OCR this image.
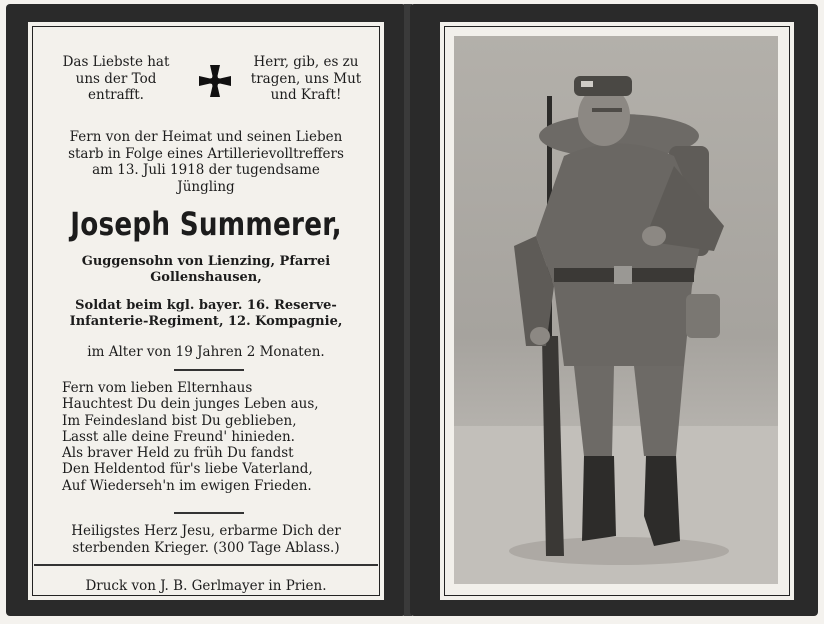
Das Liebste hat
uns der Tod
entrafft.
Herr, gib, es zu
tragen, uns Mut
und Kraft!
Fern von der Heimat und seinen Lieben
starb in Folge eines Artillerievolltreffers
am 13. Juli 1918 der tugendsame
Jüngling
Joseph Summerer,
Guggensohn von Lienzing, Pfarrei
Gollenshausen,
Soldat beim kgl. bayer. 16. Reserve-
Infanterie-Regiment, 12. Kompagnie,
im Alter von 19 Jahren 2 Monaten.
Fern vom lieben Elternhaus
Hauchtest Du dein junges Leben aus,
Im Feindesland bist Du geblieben,
Lasst alle deine Freund' hinieden.
Als braver Held zu früh Du fandst
Den Heldentod für's liebe Vaterland,
Auf Wiederseh'n im ewigen Frieden.
Heiligstes Herz Jesu, erbarme Dich der
sterbenden Krieger. (300 Tage Ablass.)
Druck von J. B. Gerlmayer in Prien.
